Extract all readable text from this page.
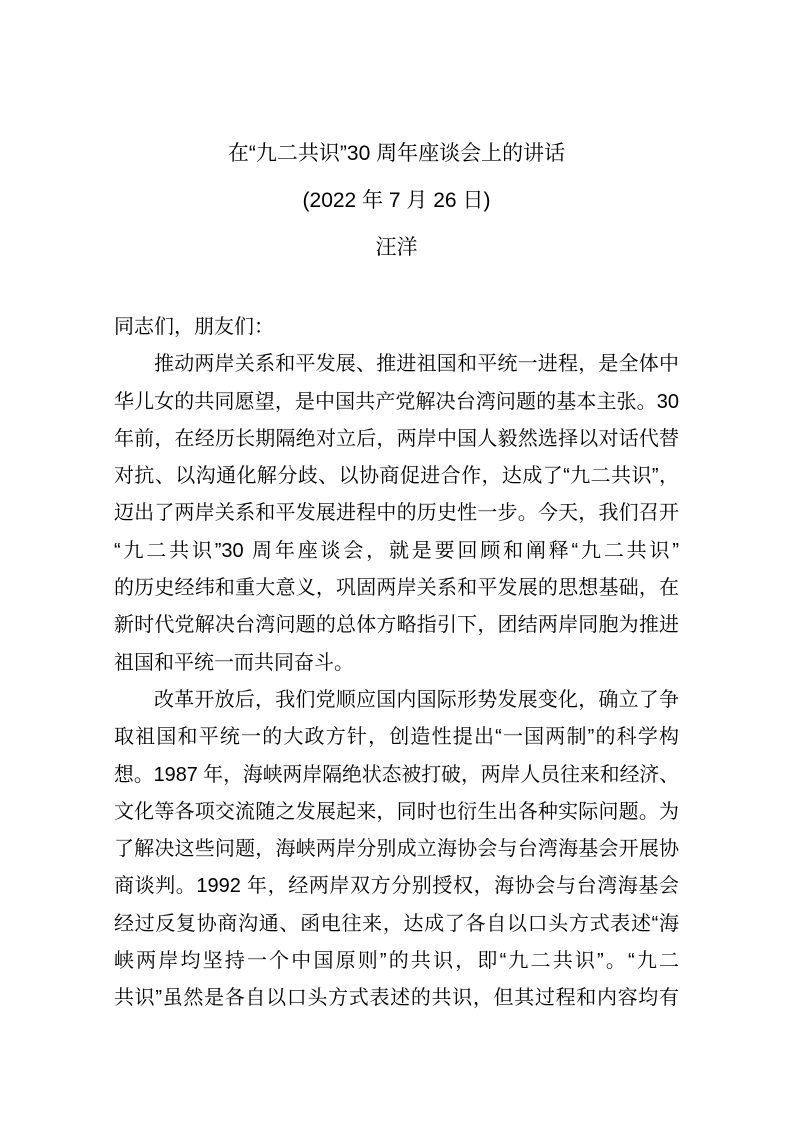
在“九二共识”30 周年座谈会上的讲话
(2022 年 7 月 26 日)
汪洋
同志们，朋友们：
推动两岸关系和平发展、推进祖国和平统一进程，是全体中
华儿女的共同愿望，是中国共产党解决台湾问题的基本主张。30
年前，在经历长期隔绝对立后，两岸中国人毅然选择以对话代替
对抗、以沟通化解分歧、以协商促进合作，达成了“九二共识”，
迈出了两岸关系和平发展进程中的历史性一步。今天，我们召开
“九二共识”30 周年座谈会，就是要回顾和阐释“九二共识”
的历史经纬和重大意义，巩固两岸关系和平发展的思想基础，在
新时代党解决台湾问题的总体方略指引下，团结两岸同胞为推进
祖国和平统一而共同奋斗。
改革开放后，我们党顺应国内国际形势发展变化，确立了争
取祖国和平统一的大政方针，创造性提出“一国两制”的科学构
想。1987 年，海峡两岸隔绝状态被打破，两岸人员往来和经济、
文化等各项交流随之发展起来，同时也衍生出各种实际问题。为
了解决这些问题，海峡两岸分别成立海协会与台湾海基会开展协
商谈判。1992 年，经两岸双方分别授权，海协会与台湾海基会
经过反复协商沟通、函电往来，达成了各自以口头方式表述“海
峡两岸均坚持一个中国原则”的共识，即“九二共识”。“九二
共识”虽然是各自以口头方式表述的共识，但其过程和内容均有
